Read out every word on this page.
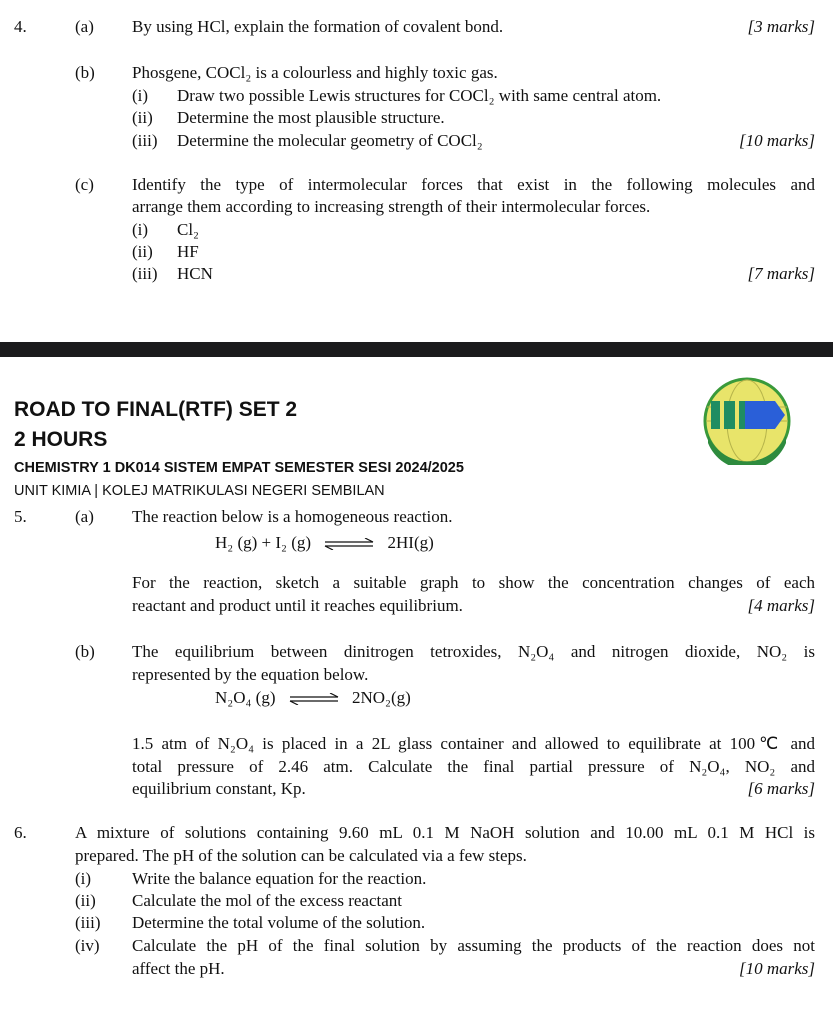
4.	(a) By using HCl, explain the formation of covalent bond.	[3 marks]
(b) Phosgene, COCl₂ is a colourless and highly toxic gas.
(i) Draw two possible Lewis structures for COCl₂ with same central atom.
(ii) Determine the most plausible structure.
(iii) Determine the molecular geometry of COCl₂	[10 marks]
(c) Identify the type of intermolecular forces that exist in the following molecules and
arrange them according to increasing strength of their intermolecular forces.
(i) Cl₂
(ii) HF
(iii) HCN	[7 marks]
ROAD TO FINAL(RTF) SET 2
2 HOURS
CHEMISTRY 1 DK014 SISTEM EMPAT SEMESTER SESI 2024/2025
UNIT KIMIA | KOLEJ MATRIKULASI NEGERI SEMBILAN
5.	(a) The reaction below is a homogeneous reaction.
H₂ (g) + I₂ (g) ⇌ 2HI(g)
For the reaction, sketch a suitable graph to show the concentration changes of each
reactant and product until it reaches equilibrium.	[4 marks]
(b) The equilibrium between dinitrogen tetroxides, N₂O₄ and nitrogen dioxide, NO₂ is
represented by the equation below.
N₂O₄ (g) ⇌ 2NO₂(g)
1.5 atm of N₂O₄ is placed in a 2L glass container and allowed to equilibrate at 100℃ and
total pressure of 2.46 atm. Calculate the final partial pressure of N₂O₄, NO₂ and
equilibrium constant, Kp.	[6 marks]
6.	A mixture of solutions containing 9.60 mL 0.1 M NaOH solution and 10.00 mL 0.1 M HCl is
prepared. The pH of the solution can be calculated via a few steps.
(i) Write the balance equation for the reaction.
(ii) Calculate the mol of the excess reactant
(iii) Determine the total volume of the solution.
(iv) Calculate the pH of the final solution by assuming the products of the reaction does not
affect the pH.	[10 marks]
